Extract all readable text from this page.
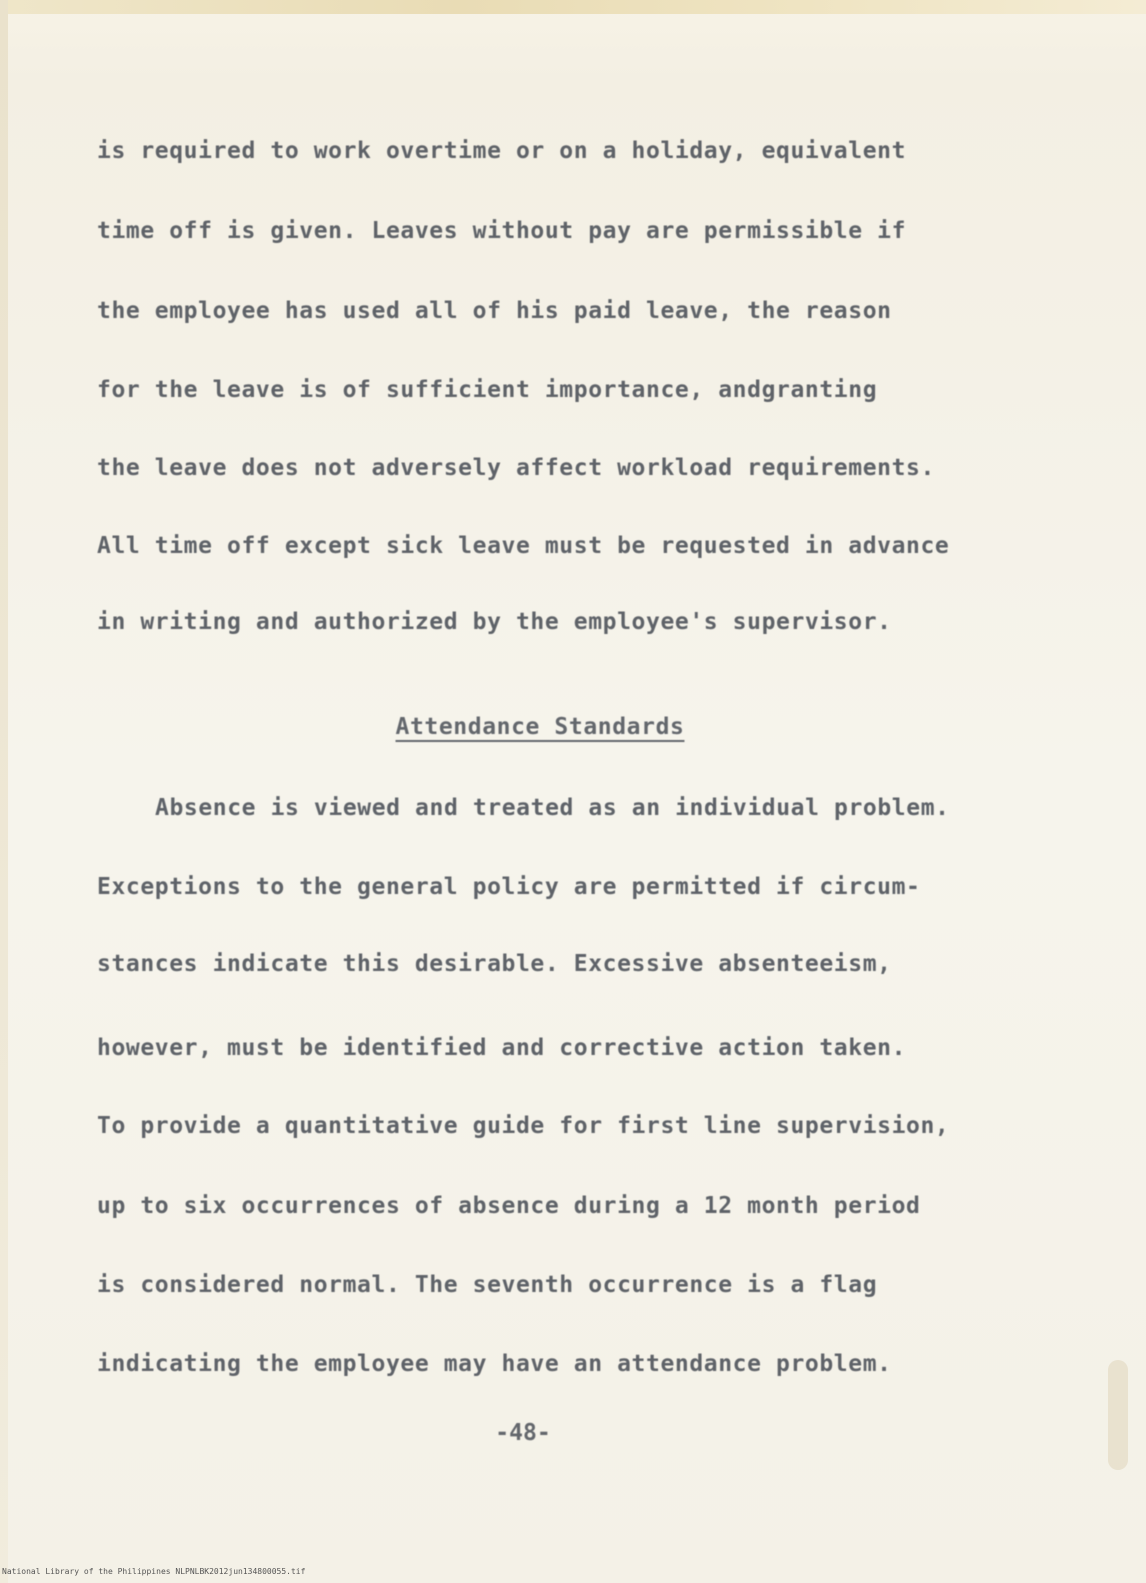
is required to work overtime or on a holiday, equivalent

time off is given. Leaves without pay are permissible if

the employee has used all of his paid leave, the reason

for the leave is of sufficient importance, andgranting

the leave does not adversely affect workload requirements.

All time off except sick leave must be requested in advance

in writing and authorized by the employee's supervisor.

Attendance Standards

Absence is viewed and treated as an individual problem.

Exceptions to the general policy are permitted if circum-

stances indicate this desirable. Excessive absenteeism,

however, must be identified and corrective action taken.

To provide a quantitative guide for first line supervision,

up to six occurrences of absence during a 12 month period

is considered normal. The seventh occurrence is a flag

indicating the employee may have an attendance problem.

-48-

National Library of the Philippines NLPNLBK2012jun134800055.tif
